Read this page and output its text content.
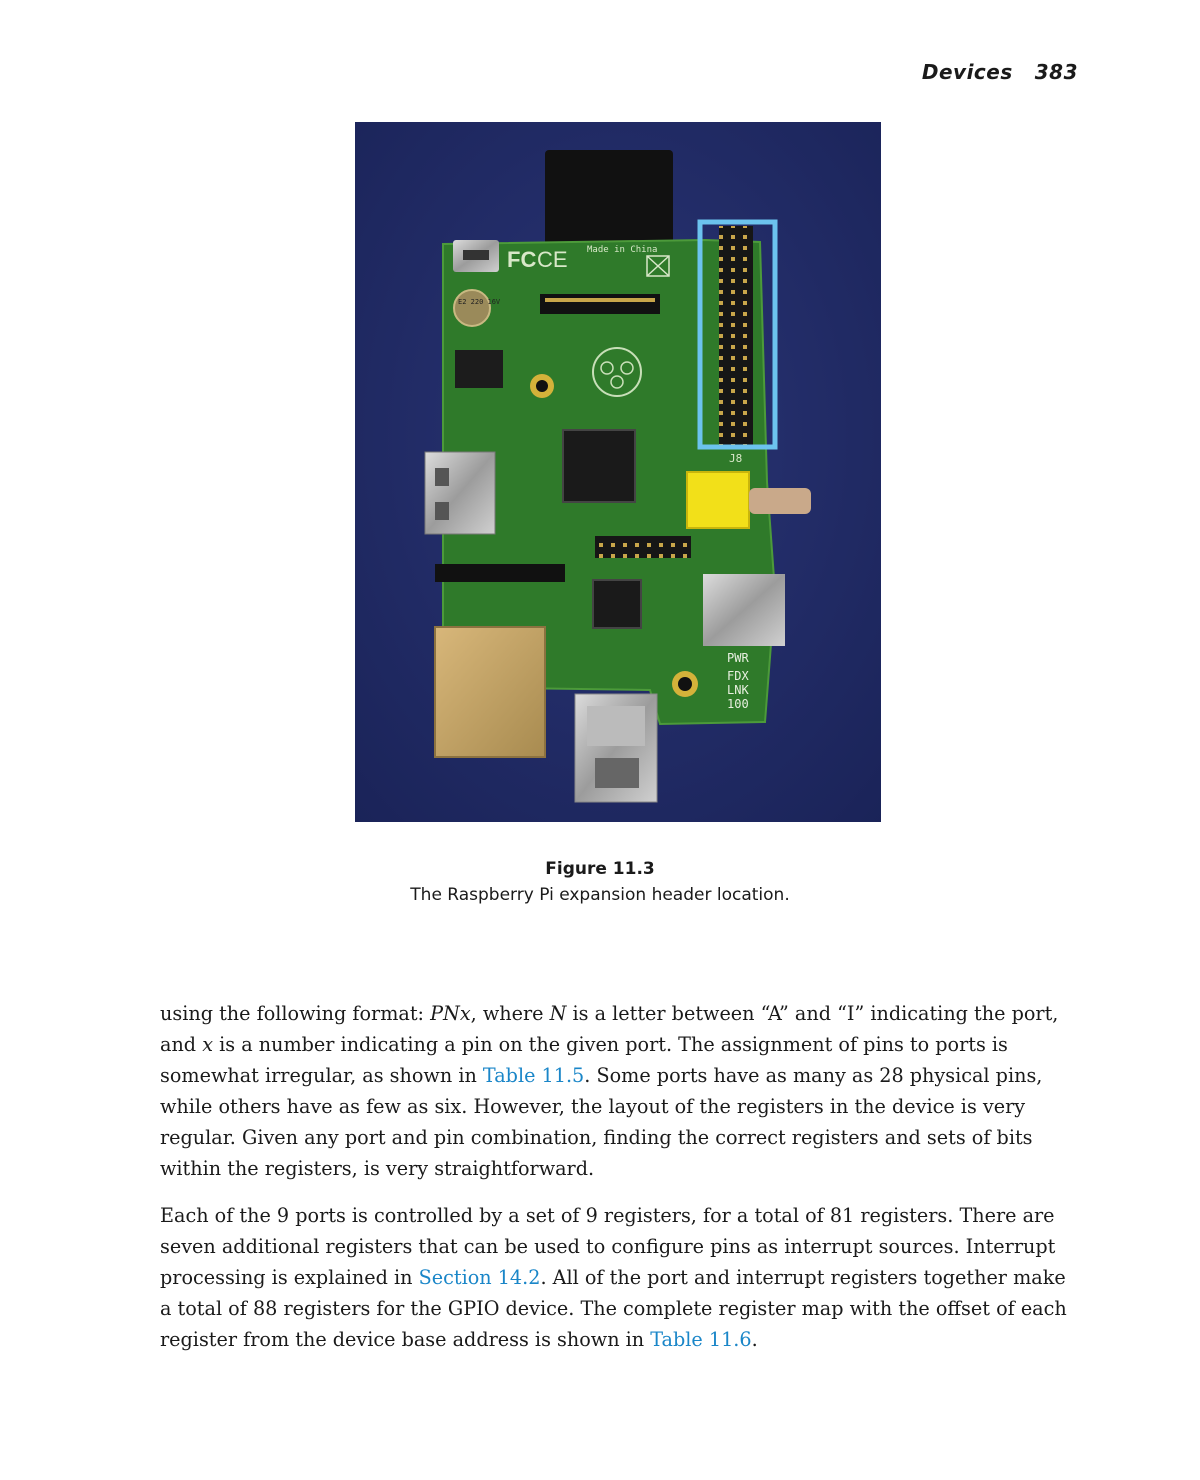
Devices 383
FC CE Made in China
E2 220 16V
PWR
FDX
LNK
100
J8
Figure 11.3
The Raspberry Pi expansion header location.

using the following format: PNx, where N is a letter between “A” and “I” indicating the port, and x is a number indicating a pin on the given port. The assignment of pins to ports is somewhat irregular, as shown in Table 11.5. Some ports have as many as 28 physical pins, while others have as few as six. However, the layout of the registers in the device is very regular. Given any port and pin combination, finding the correct registers and sets of bits within the registers, is very straightforward.

Each of the 9 ports is controlled by a set of 9 registers, for a total of 81 registers. There are seven additional registers that can be used to configure pins as interrupt sources. Interrupt processing is explained in Section 14.2. All of the port and interrupt registers together make a total of 88 registers for the GPIO device. The complete register map with the offset of each register from the device base address is shown in Table 11.6.
